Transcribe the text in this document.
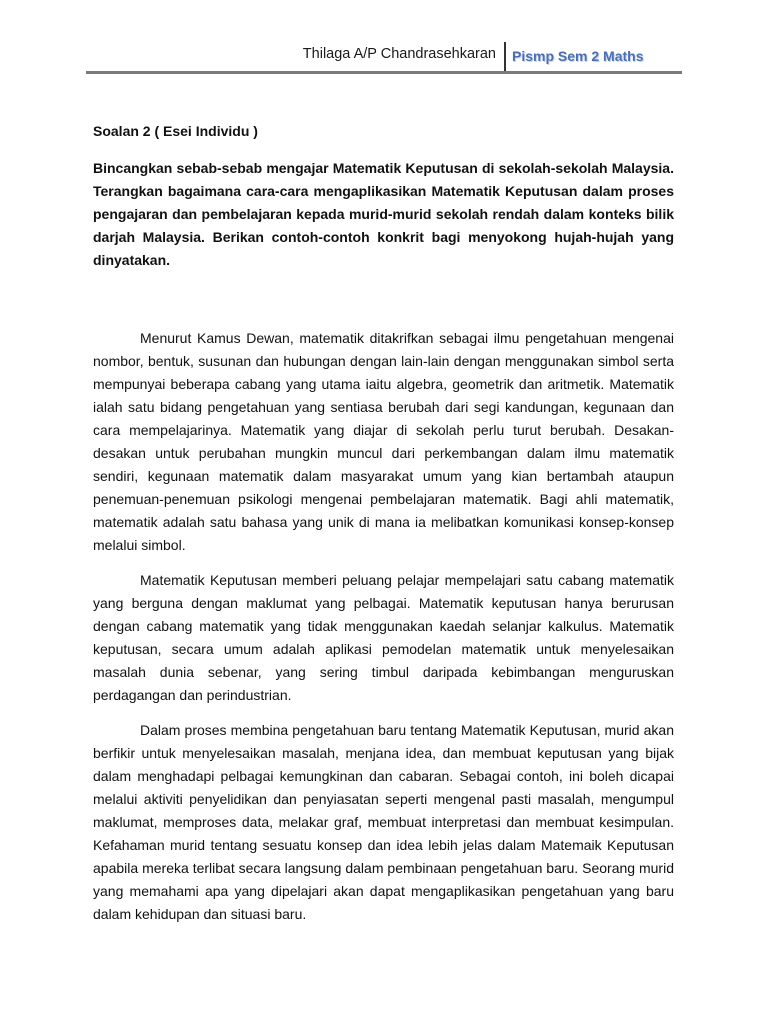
Thilaga A/P Chandrasehkaran Pismp Sem 2 Maths

Soalan 2 ( Esei Individu )

Bincangkan sebab-sebab mengajar Matematik Keputusan di sekolah-sekolah Malaysia. Terangkan bagaimana cara-cara mengaplikasikan Matematik Keputusan dalam proses pengajaran dan pembelajaran kepada murid-murid sekolah rendah dalam konteks bilik darjah Malaysia. Berikan contoh-contoh konkrit bagi menyokong hujah-hujah yang dinyatakan.

Menurut Kamus Dewan, matematik ditakrifkan sebagai ilmu pengetahuan mengenai nombor, bentuk, susunan dan hubungan dengan lain-lain dengan menggunakan simbol serta mempunyai beberapa cabang yang utama iaitu algebra, geometrik dan aritmetik. Matematik ialah satu bidang pengetahuan yang sentiasa berubah dari segi kandungan, kegunaan dan cara mempelajarinya. Matematik yang diajar di sekolah perlu turut berubah. Desakan-desakan untuk perubahan mungkin muncul dari perkembangan dalam ilmu matematik sendiri, kegunaan matematik dalam masyarakat umum yang kian bertambah ataupun penemuan-penemuan psikologi mengenai pembelajaran matematik. Bagi ahli matematik, matematik adalah satu bahasa yang unik di mana ia melibatkan komunikasi konsep-konsep melalui simbol.

Matematik Keputusan memberi peluang pelajar mempelajari satu cabang matematik yang berguna dengan maklumat yang pelbagai. Matematik keputusan hanya berurusan dengan cabang matematik yang tidak menggunakan kaedah selanjar kalkulus. Matematik keputusan, secara umum adalah aplikasi pemodelan matematik untuk menyelesaikan masalah dunia sebenar, yang sering timbul daripada kebimbangan menguruskan perdagangan dan perindustrian.

Dalam proses membina pengetahuan baru tentang Matematik Keputusan, murid akan berfikir untuk menyelesaikan masalah, menjana idea, dan membuat keputusan yang bijak dalam menghadapi pelbagai kemungkinan dan cabaran. Sebagai contoh, ini boleh dicapai melalui aktiviti penyelidikan dan penyiasatan seperti mengenal pasti masalah, mengumpul maklumat, memproses data, melakar graf, membuat interpretasi dan membuat kesimpulan. Kefahaman murid tentang sesuatu konsep dan idea lebih jelas dalam Matemaik Keputusan apabila mereka terlibat secara langsung dalam pembinaan pengetahuan baru. Seorang murid yang memahami apa yang dipelajari akan dapat mengaplikasikan pengetahuan yang baru dalam kehidupan dan situasi baru.
